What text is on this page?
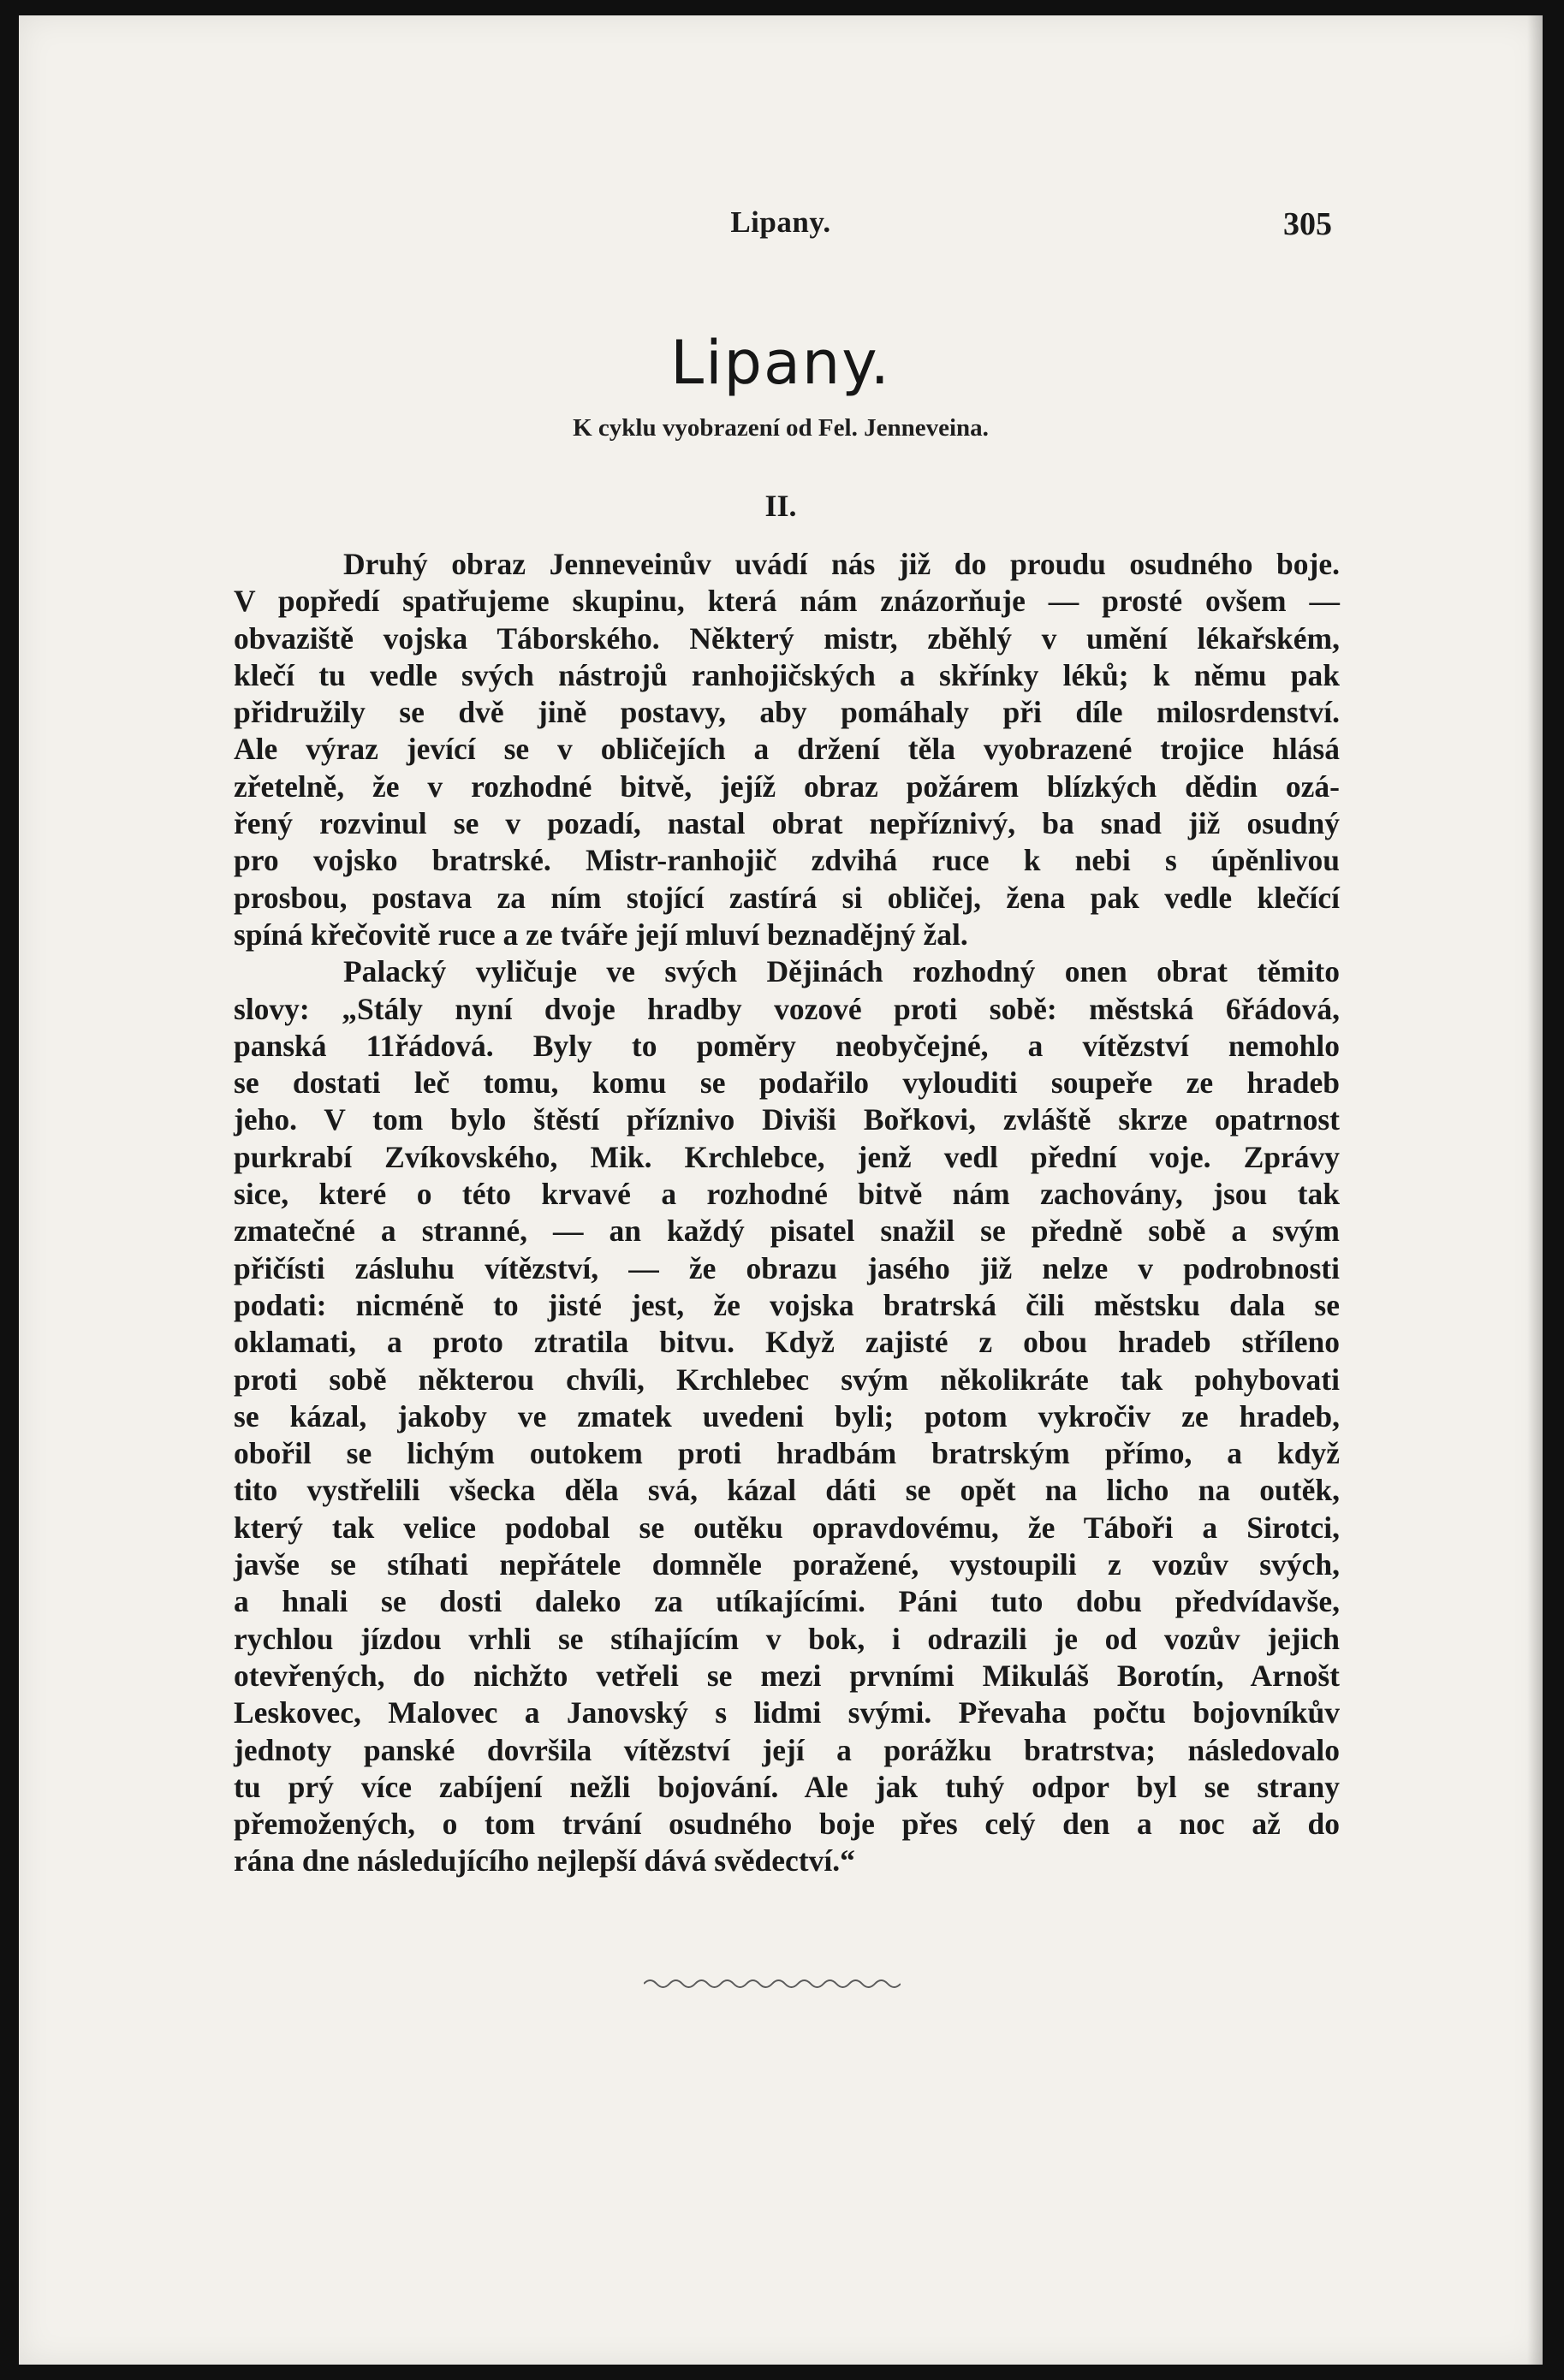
Lipany.	305
Lipany.

K cyklu vyobrazení od Fel. Jenneveina.

II.

Druhý obraz Jenneveinův uvádí nás již do proudu osudného boje.
V popředí spatřujeme skupinu, která nám znázorňuje — prosté ovšem —
obvaziště vojska Táborského. Některý mistr, zběhlý v umění lékařském,
klečí tu vedle svých nástrojů ranhojičských a skřínky léků; k němu pak
přidružily se dvě jině postavy, aby pomáhaly při díle milosrdenství.
Ale výraz jevící se v obličejích a držení těla vyobrazené trojice hlásá
zřetelně, že v rozhodné bitvě, jejíž obraz požárem blízkých dědin ozá-
řený rozvinul se v pozadí, nastal obrat nepříznivý, ba snad již osudný
pro vojsko bratrské. Mistr-ranhojič zdvihá ruce k nebi s úpěnlivou
prosbou, postava za ním stojící zastírá si obličej, žena pak vedle klečící
spíná křečovitě ruce a ze tváře její mluví beznadějný žal.
Palacký vyličuje ve svých Dějinách rozhodný onen obrat těmito
slovy: „Stály nyní dvoje hradby vozové proti sobě: městská 6řádová,
panská 11řádová. Byly to poměry neobyčejné, a vítězství nemohlo
se dostati leč tomu, komu se podařilo vylouditi soupeře ze hradeb
jeho. V tom bylo štěstí příznivo Diviši Bořkovi, zvláště skrze opatrnost
purkrabí Zvíkovského, Mik. Krchlebce, jenž vedl přední voje. Zprávy
sice, které o této krvavé a rozhodné bitvě nám zachovány, jsou tak
zmatečné a stranné, — an každý pisatel snažil se předně sobě a svým
přičísti zásluhu vítězství, — že obrazu jasého již nelze v podrobnosti
podati: nicméně to jisté jest, že vojska bratrská čili městsku dala se
oklamati, a proto ztratila bitvu. Když zajisté z obou hradeb stříleno
proti sobě některou chvíli, Krchlebec svým několikráte tak pohybovati
se kázal, jakoby ve zmatek uvedeni byli; potom vykročiv ze hradeb,
obořil se lichým outokem proti hradbám bratrským přímo, a když
tito vystřelili všecka děla svá, kázal dáti se opět na licho na outěk,
který tak velice podobal se outěku opravdovému, že Táboři a Sirotci,
javše se stíhati nepřátele domněle poražené, vystoupili z vozův svých,
a hnali se dosti daleko za utíkajícími. Páni tuto dobu předvídavše,
rychlou jízdou vrhli se stíhajícím v bok, i odrazili je od vozův jejich
otevřených, do nichžto vetřeli se mezi prvními Mikuláš Borotín, Arnošt
Leskovec, Malovec a Janovský s lidmi svými. Převaha počtu bojovníkův
jednoty panské dovršila vítězství její a porážku bratrstva; následovalo
tu prý více zabíjení nežli bojování. Ale jak tuhý odpor byl se strany
přemožených, o tom trvání osudného boje přes celý den a noc až do
rána dne následujícího nejlepší dává svědectví.“
